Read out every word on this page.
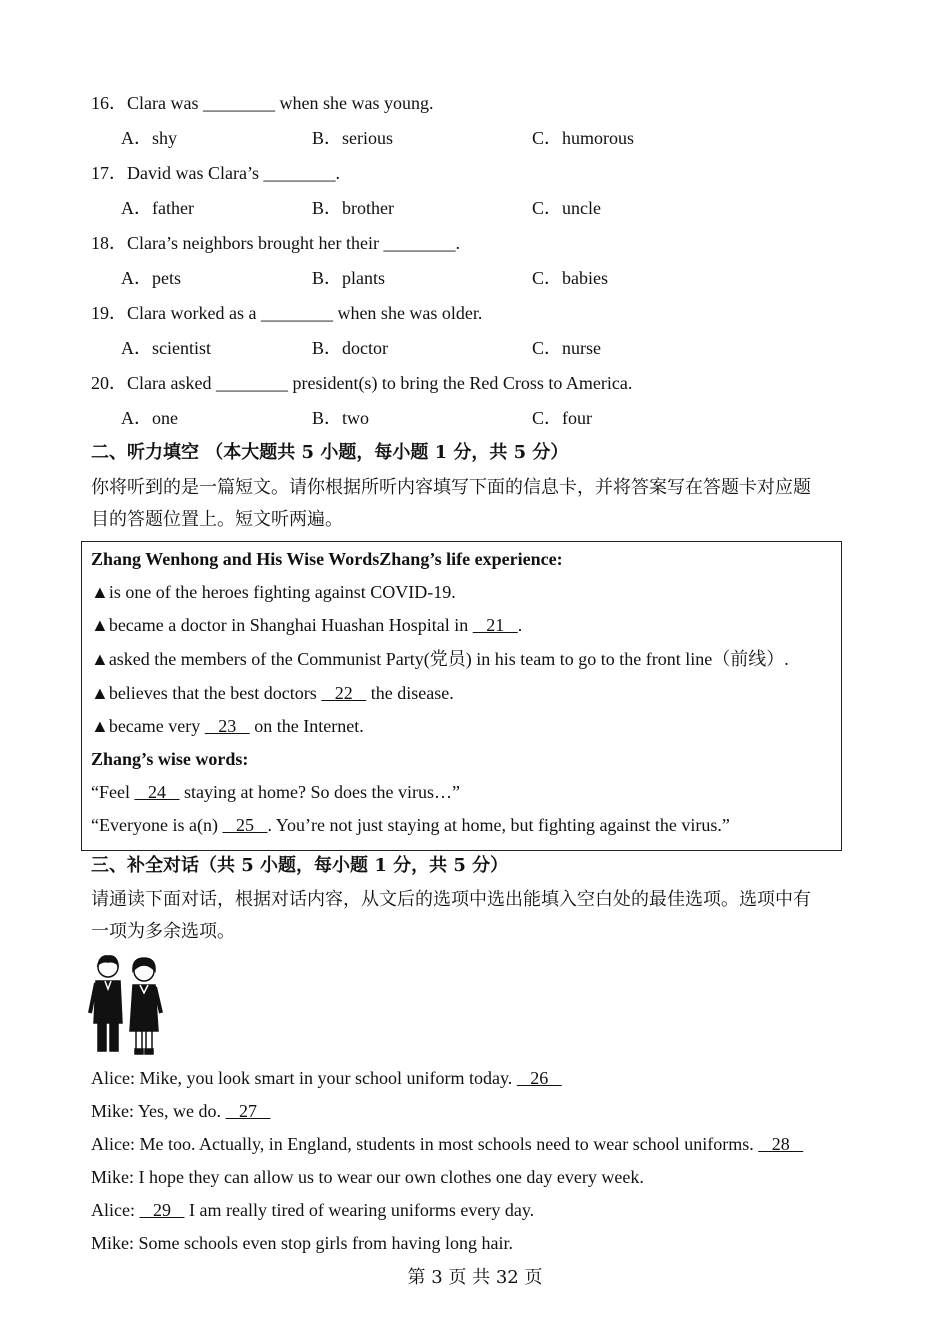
16．Clara was ________ when she was young.
A．shy	B．serious	C．humorous
17．David was Clara’s ________.
A．father	B．brother	C．uncle
18．Clara’s neighbors brought her their ________.
A．pets	B．plants	C．babies
19．Clara worked as a ________ when she was older.
A．scientist	B．doctor	C．nurse
20．Clara asked ________ president(s) to bring the Red Cross to America.
A．one	B．two	C．four
二、听力填空 （本大题共 5 小题，每小题 1 分，共 5 分）
你将听到的是一篇短文。请你根据所听内容填写下面的信息卡，并将答案写在答题卡对应题
目的答题位置上。短文听两遍。
Zhang Wenhong and His Wise WordsZhang’s life experience:
▲is one of the heroes fighting against COVID-19.
▲became a doctor in Shanghai Huashan Hospital in    21   .
▲asked the members of the Communist Party(党员) in his team to go to the front line（前线）.
▲believes that the best doctors    22    the disease.
▲became very    23    on the Internet.
Zhang’s wise words:
“Feel    24    staying at home? So does the virus…”
“Everyone is a(n)    25   . You’re not just staying at home, but fighting against the virus.”
三、补全对话（共 5 小题，每小题 1 分，共 5 分）
请通读下面对话，根据对话内容，从文后的选项中选出能填入空白处的最佳选项。选项中有
一项为多余选项。
Alice: Mike, you look smart in your school uniform today.    26
Mike: Yes, we do.    27
Alice: Me too. Actually, in England, students in most schools need to wear school uniforms.    28
Mike: I hope they can allow us to wear our own clothes one day every week.
Alice:    29    I am really tired of wearing uniforms every day.
Mike: Some schools even stop girls from having long hair.
第 3 页 共 32 页
